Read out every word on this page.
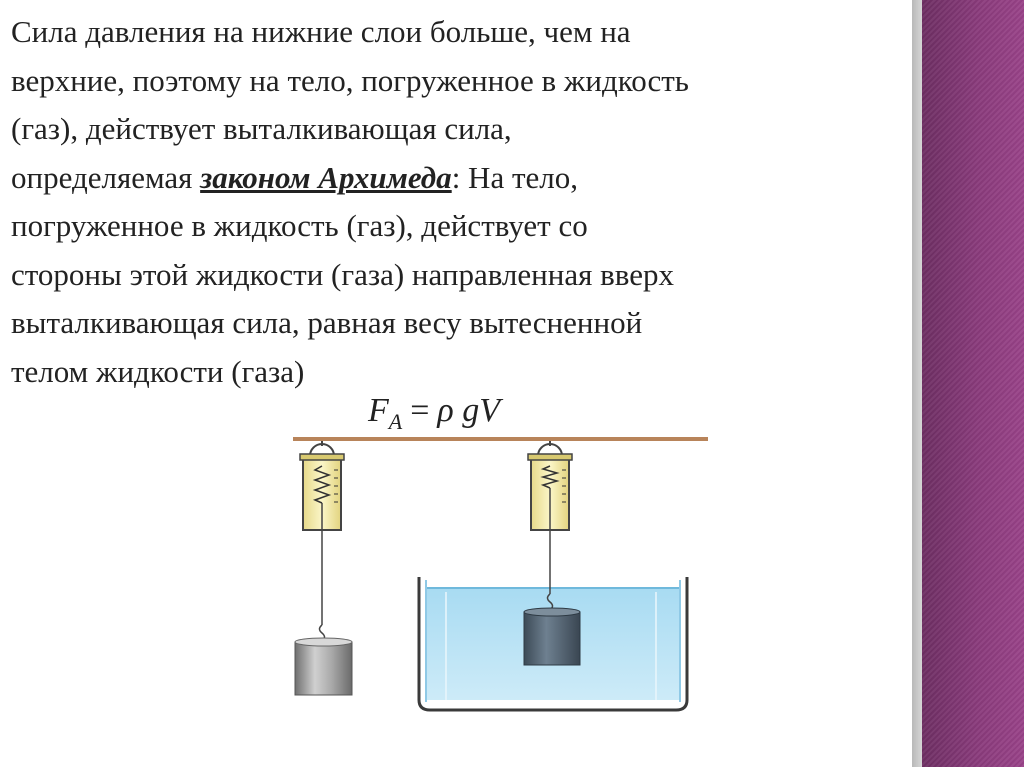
Сила давления на нижние слои больше, чем на
верхние, поэтому на тело, погруженное в жидкость
(газ), действует выталкивающая сила,
определяемая законом Архимеда: На тело,
погруженное в жидкость (газ), действует со
стороны этой жидкости (газа) направленная вверх
выталкивающая сила, равная весу вытесненной
телом жидкости (газа)

$F_A = \rho$ gV
